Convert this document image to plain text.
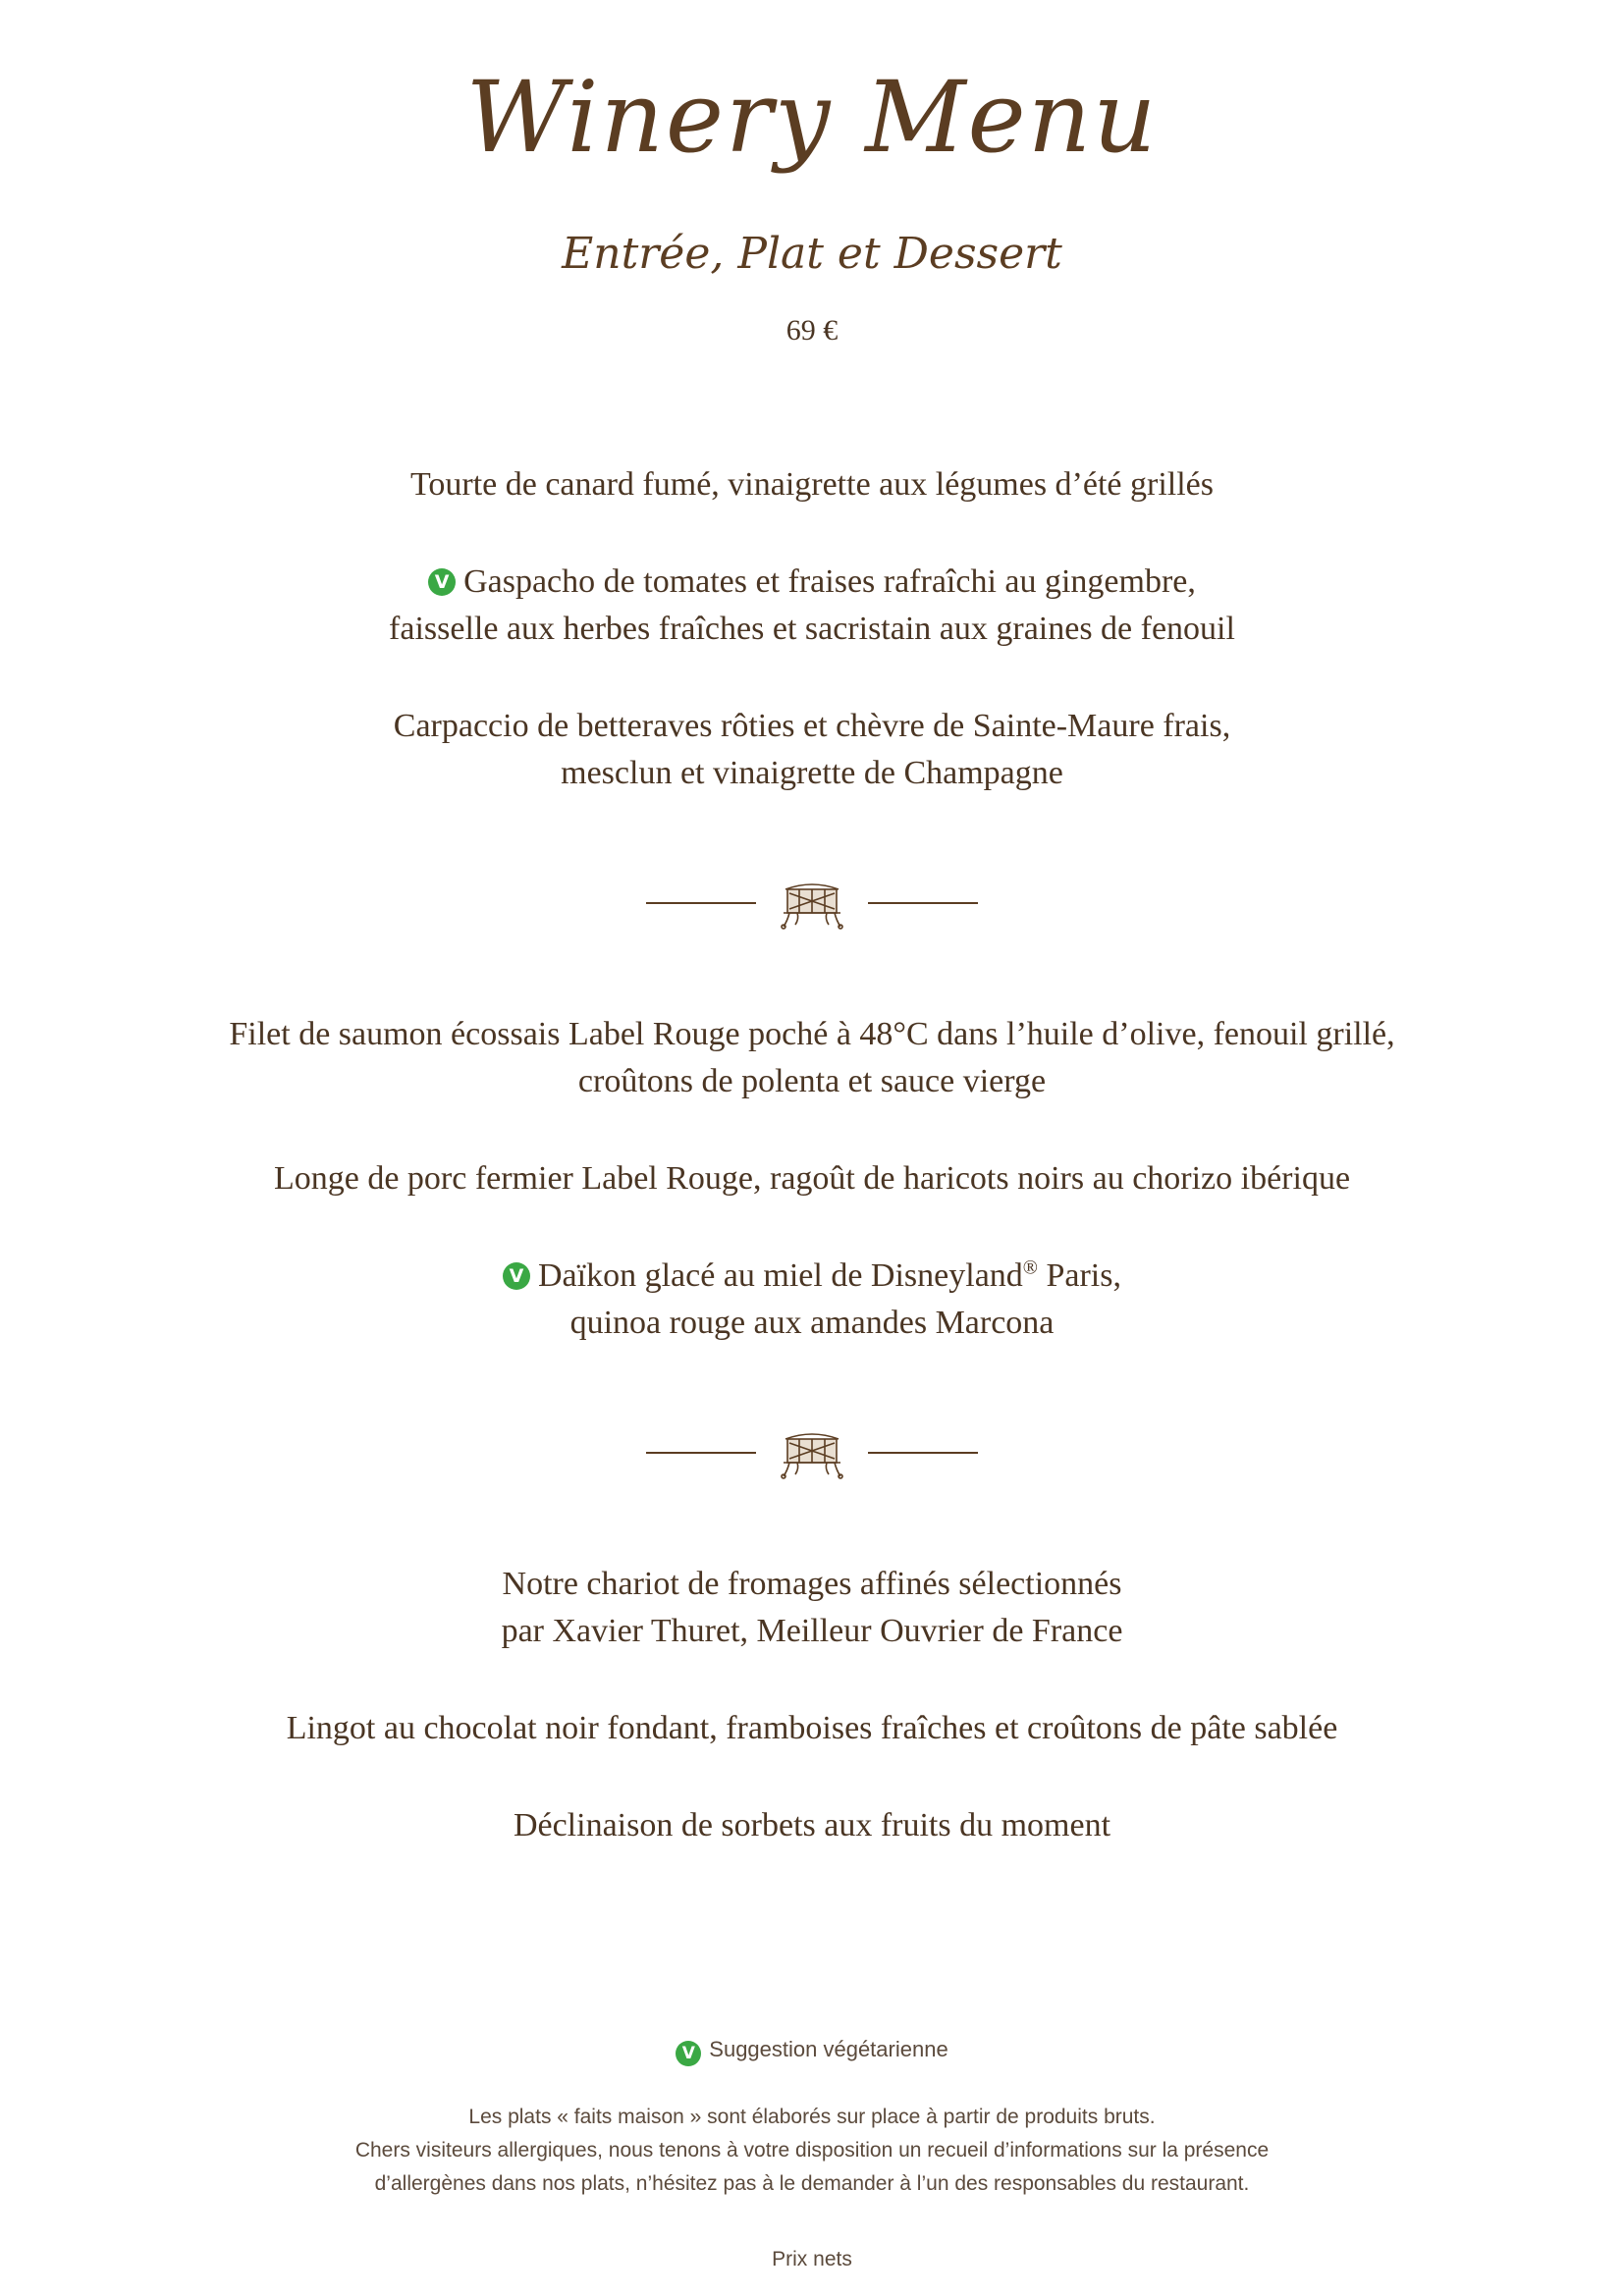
Winery Menu
Entrée, Plat et Dessert
69 €
Tourte de canard fumé, vinaigrette aux légumes d’été grillés
V Gaspacho de tomates et fraises rafraîchi au gingembre,
faisselle aux herbes fraîches et sacristain aux graines de fenouil
Carpaccio de betteraves rôties et chèvre de Sainte-Maure frais,
mesclun et vinaigrette de Champagne
Filet de saumon écossais Label Rouge poché à 48°C dans l’huile d’olive, fenouil grillé,
croûtons de polenta et sauce vierge
Longe de porc fermier Label Rouge, ragoût de haricots noirs au chorizo ibérique
V Daïkon glacé au miel de Disneyland® Paris,
quinoa rouge aux amandes Marcona
Notre chariot de fromages affinés sélectionnés
par Xavier Thuret, Meilleur Ouvrier de France
Lingot au chocolat noir fondant, framboises fraîches et croûtons de pâte sablée
Déclinaison de sorbets aux fruits du moment
V Suggestion végétarienne
Les plats « faits maison » sont élaborés sur place à partir de produits bruts.
Chers visiteurs allergiques, nous tenons à votre disposition un recueil d’informations sur la présence
d’allergènes dans nos plats, n’hésitez pas à le demander à l’un des responsables du restaurant.
Prix nets
